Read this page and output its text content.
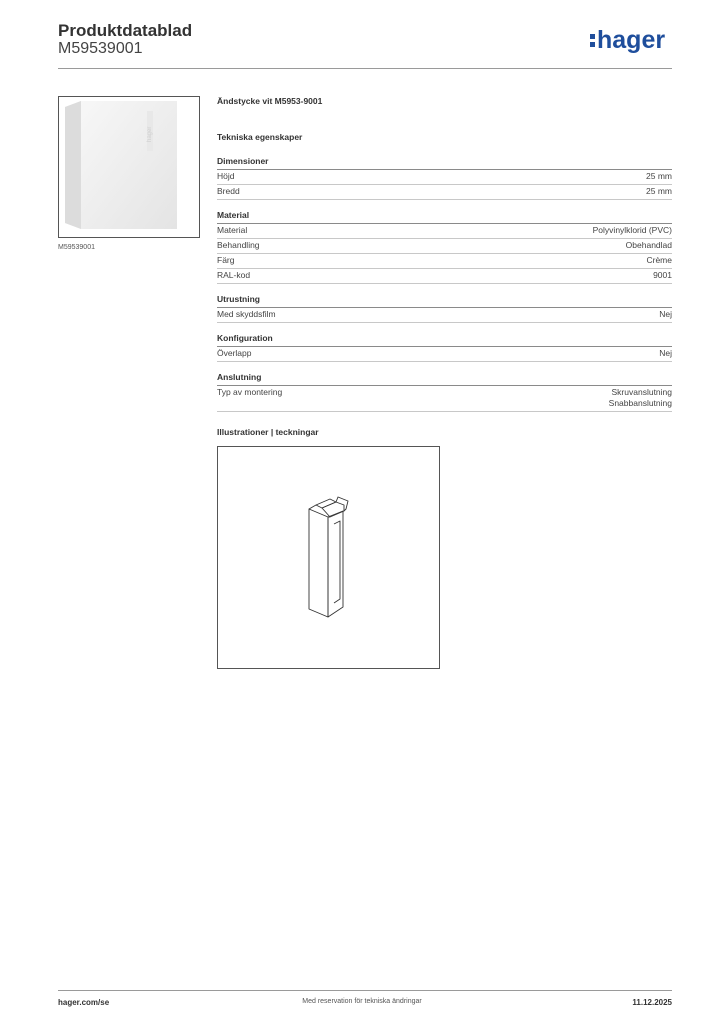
Produktdatablad
M59539001	hager
hager
M59539001
Ändstycke vit M5953-9001
Tekniska egenskaper
Dimensioner
Höjd	25 mm
Bredd	25 mm
Material
Material	Polyvinylklorid (PVC)
Behandling	Obehandlad
Färg	Crème
RAL-kod	9001
Utrustning
Med skyddsfilm	Nej
Konfiguration
Överlapp	Nej
Anslutning
Typ av montering	Skruvanslutning
Snabbanslutning
Illustrationer | teckningar
hager.com/se	Med reservation för tekniska ändringar	11.12.2025
